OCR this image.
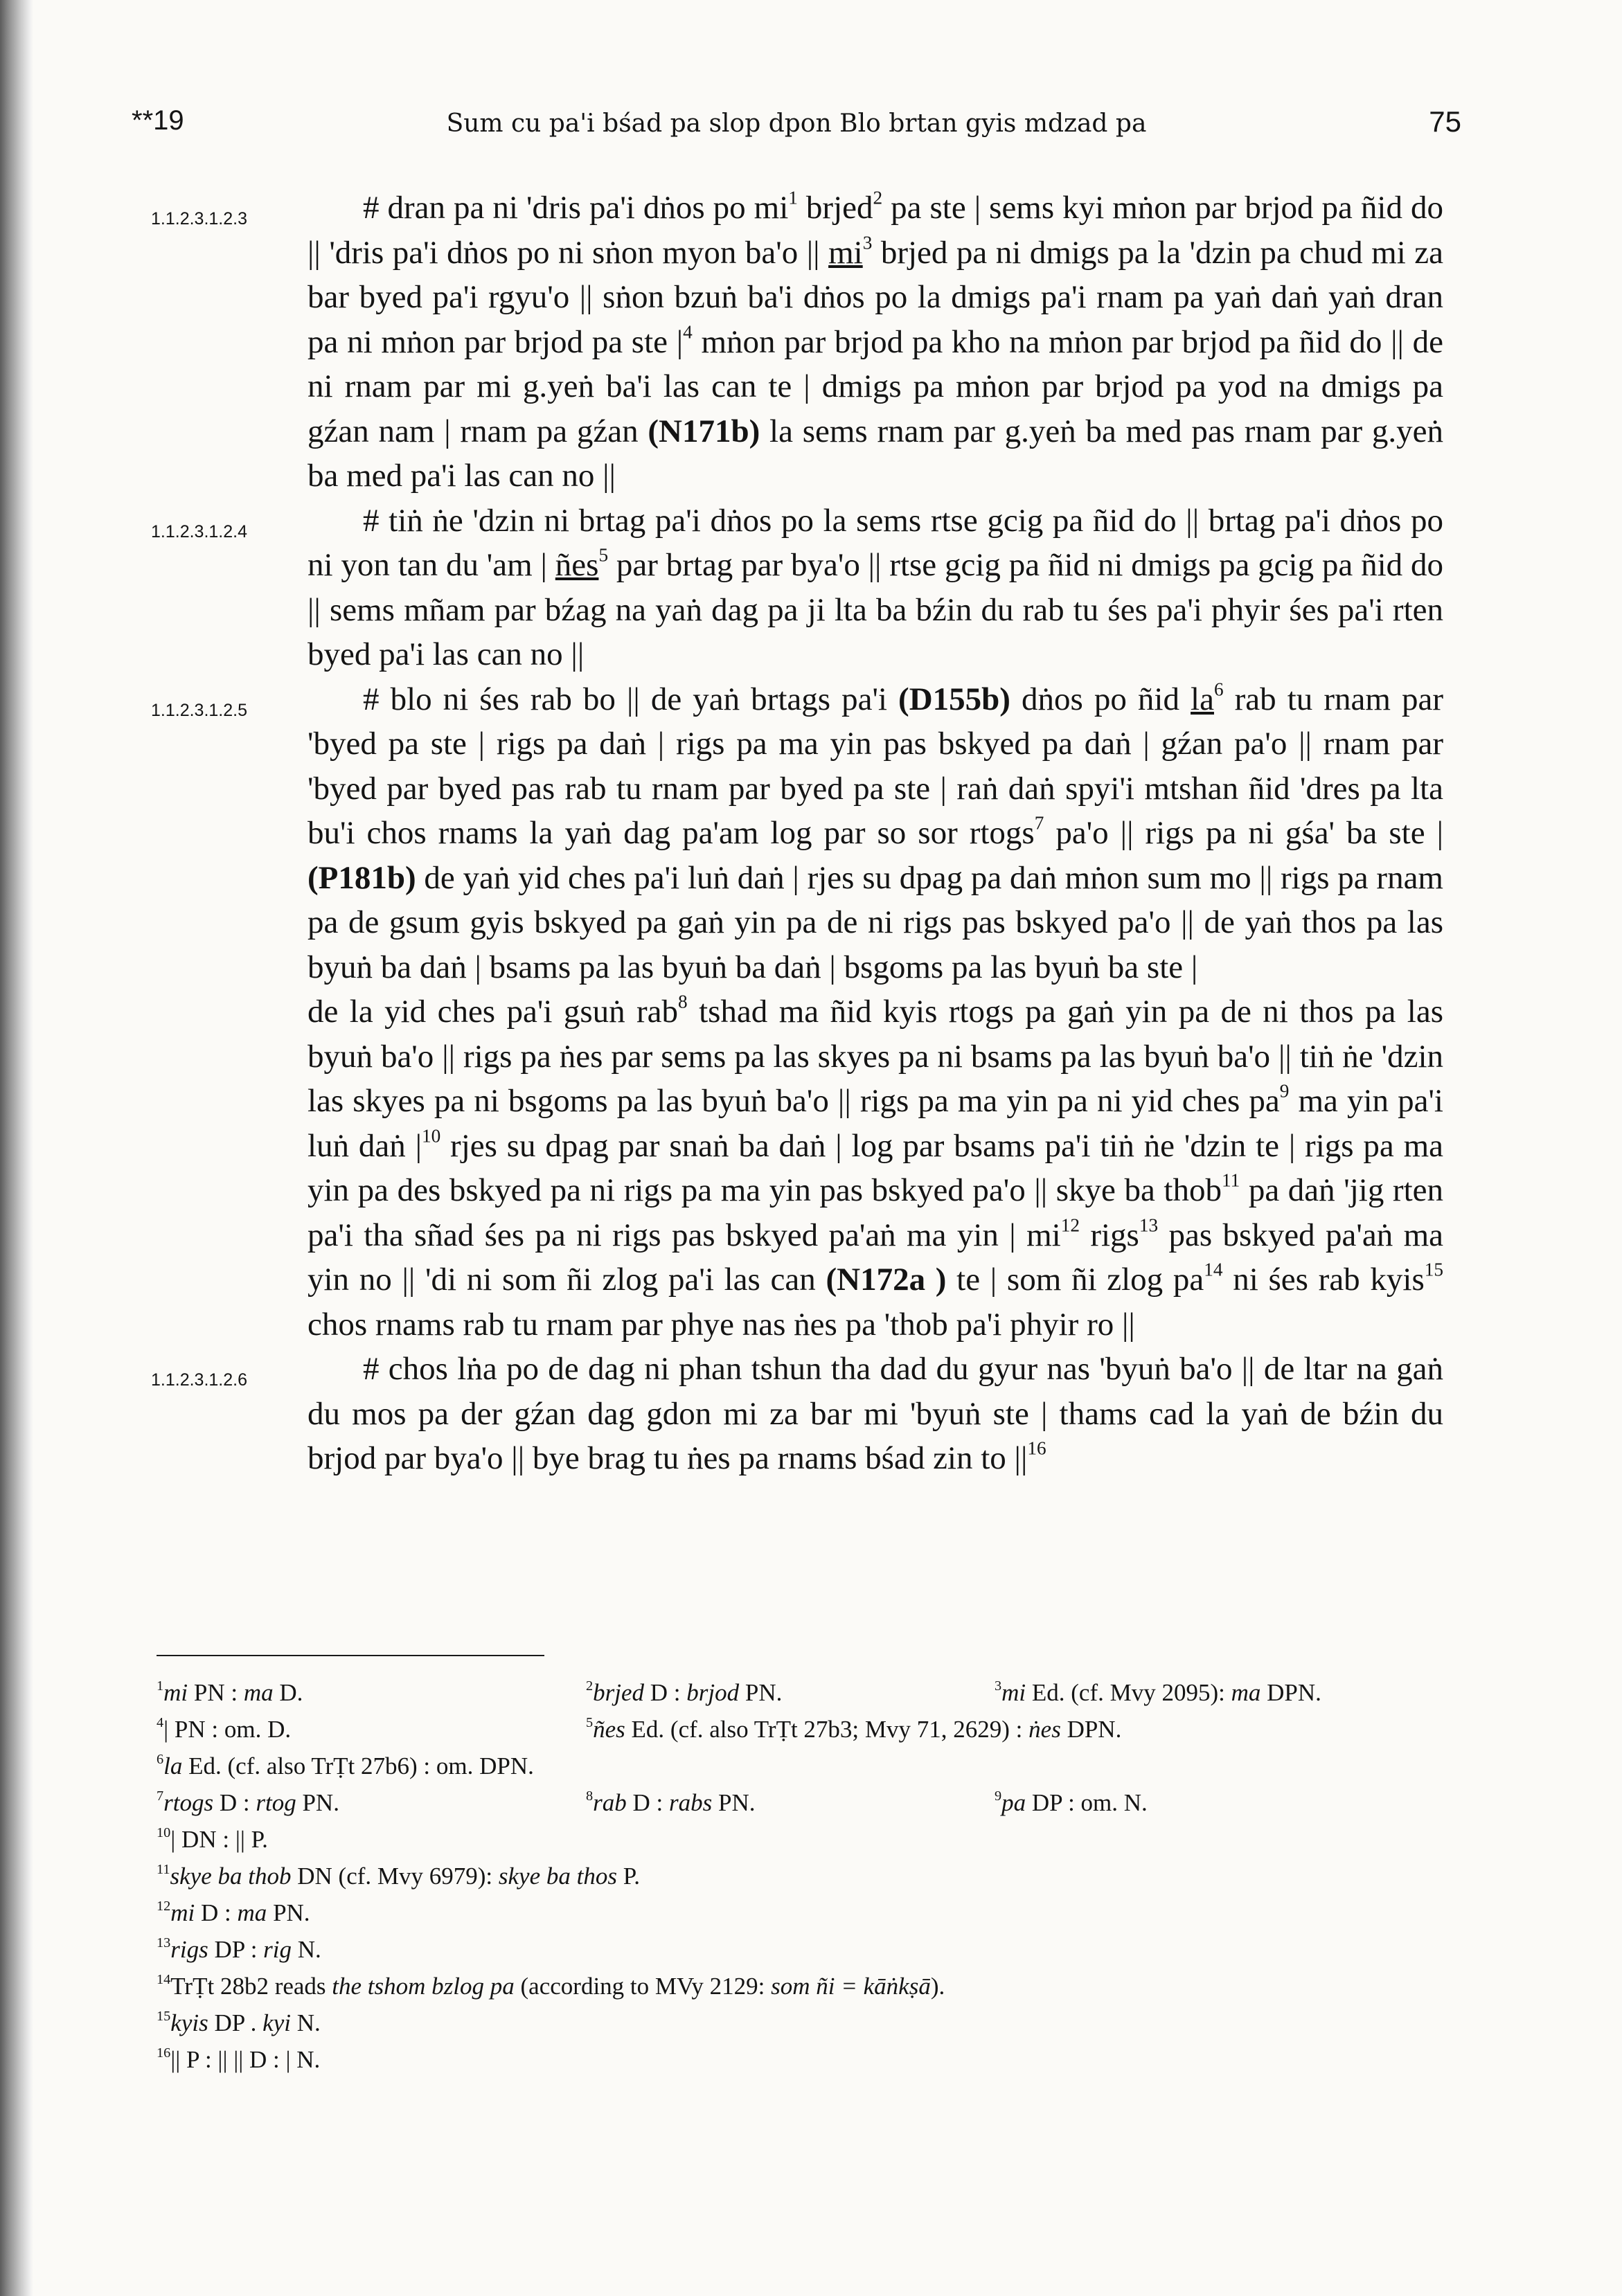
**19	Sum cu pa'i bśad pa slop dpon Blo brtan gyis mdzad pa	75
1.1.2.3.1.2.3	# dran pa ni 'dris pa'i dṅos po $mi^1$ brjed$^2$ pa ste | sems kyi mṅon par brjod pa ñid do || 'dris pa'i dṅos po ni sṅon myon ba'o || $mi^3$ brjed pa ni dmigs pa la 'dzin pa chud mi za bar byed pa'i rgyu'o || sṅon bzuṅ ba'i dṅos po la dmigs pa'i rnam pa yaṅ daṅ yaṅ dran pa ni mṅon par brjod pa ste $|^4$ mṅon par brjod pa kho na mṅon par brjod pa ñid do || de ni rnam par mi g.yeṅ ba'i las can te | dmigs pa mṅon par brjod pa yod na dmigs pa gźan nam | rnam pa gźan (N171b) la sems rnam par g.yeṅ ba med pas rnam par g.yeṅ ba med pa'i las can no ||
1.1.2.3.1.2.4	# tiṅ ṅe 'dzin ni brtag pa'i dṅos po la sems rtse gcig pa ñid do || brtag pa'i dṅos po ni yon tan du 'am | ñes$^5$ par brtag par bya'o || rtse gcig pa ñid ni dmigs pa gcig pa ñid do || sems mñam par bźag na yaṅ dag pa ji lta ba bźin du rab tu śes pa'i phyir śes pa'i rten byed pa'i las can no ||
1.1.2.3.1.2.5	# blo ni śes rab bo || de yaṅ brtags pa'i (D155b) dṅos po ñid $la^6$ rab tu rnam par 'byed pa ste | rigs pa daṅ | rigs pa ma yin pas bskyed pa daṅ | gźan pa'o || rnam par 'byed par byed pas rab tu rnam par byed pa ste | raṅ daṅ spyi'i mtshan ñid 'dres pa lta bu'i chos rnams la yaṅ dag pa'am log par so sor rtogs$^7$ pa'o || rigs pa ni gśa' ba ste | (P181b) de yaṅ yid ches pa'i luṅ daṅ | rjes su dpag pa daṅ mṅon sum mo || rigs pa rnam pa de gsum gyis bskyed pa gaṅ yin pa de ni rigs pas bskyed pa'o || de yaṅ thos pa las byuṅ ba daṅ | bsams pa las byuṅ ba daṅ | bsgoms pa las byuṅ ba ste |
de la yid ches pa'i gsuṅ rab$^8$ tshad ma ñid kyis rtogs pa gaṅ yin pa de ni thos pa las byuṅ ba'o || rigs pa ṅes par sems pa las skyes pa ni bsams pa las byuṅ ba'o || tiṅ ṅe 'dzin las skyes pa ni bsgoms pa las byuṅ ba'o || rigs pa ma yin pa ni yid ches $pa^9$ ma yin pa'i luṅ daṅ $|^{10}$ rjes su dpag par snaṅ ba daṅ | log par bsams pa'i tiṅ ṅe 'dzin te | rigs pa ma yin pa des bskyed pa ni rigs pa ma yin pas bskyed pa'o || skye ba thob$^{11}$ pa daṅ 'jig rten pa'i tha sñad śes pa ni rigs pas bskyed pa'aṅ ma yin | $mi^{12}$ rigs$^{13}$ pas bskyed pa'aṅ ma yin no || 'di ni som ñi zlog pa'i las can (N172a ) te | som ñi zlog $pa^{14}$ ni śes rab kyis$^{15}$ chos rnams rab tu rnam par phye nas ṅes pa 'thob pa'i phyir ro ||
1.1.2.3.1.2.6	# chos lṅa po de dag ni phan tshun tha dad du gyur nas 'byuṅ ba'o || de ltar na gaṅ du mos pa der gźan dag gdon mi za bar mi 'byuṅ ste | thams cad la yaṅ de bźin du brjod par bya'o || bye brag tu ṅes pa rnams bśad zin to $||^{16}$
$^1$mi PN : ma D.	$^2$brjed D : brjod PN.	$^3$mi Ed. (cf. Mvy 2095): ma DPN.
$^4$| PN : om. D.	$^5$ñes Ed. (cf. also TrṬt 27b3; Mvy 71, 2629) : ṅes DPN.
$^6$la Ed. (cf. also TrṬt 27b6) : om. DPN.
$^7$rtogs D : rtog PN.	$^8$rab D : rabs PN.	$^9$pa DP : om. N.
$^{10}$| DN : || P.
$^{11}$skye ba thob DN (cf. Mvy 6979): skye ba thos P.
$^{12}$mi D : ma PN.
$^{13}$rigs DP : rig N.
$^{14}$TrṬt 28b2 reads the tshom bzlog pa (according to MVy 2129: som ñi = kāṅkṣā).
$^{15}$kyis DP . kyi N.
$^{16}$|| P : || || D : | N.
